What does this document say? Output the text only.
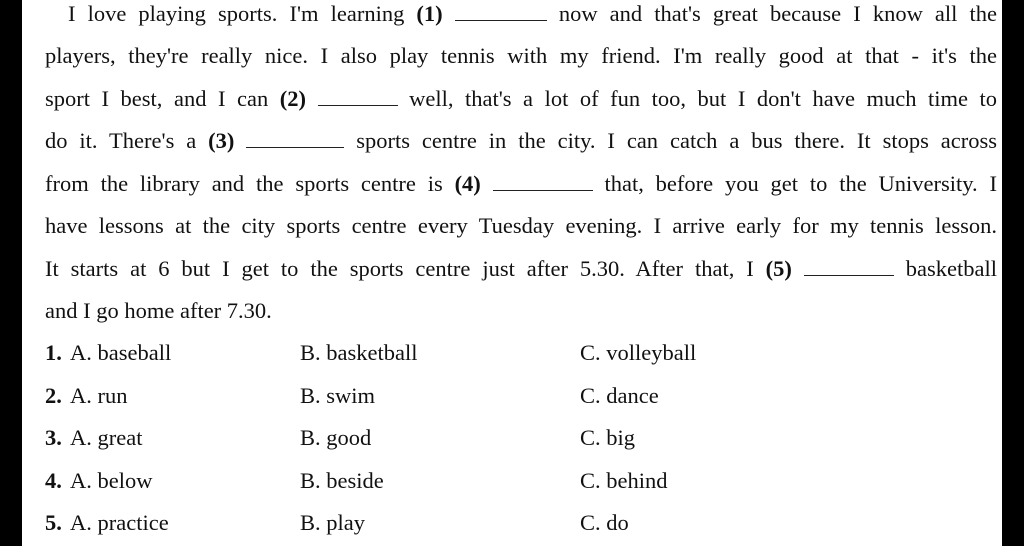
I love playing sports. I'm learning (1)	now and that's great because I know all the
players, they're really nice. I also play tennis with my friend. I'm really good at that - it's the
sport I best, and I can (2)	well, that's a lot of fun too, but I don't have much time to
do it. There's a (3)	sports centre in the city. I can catch a bus there. It stops across
from the library and the sports centre is (4)	that, before you get to the University. I
have lessons at the city sports centre every Tuesday evening. I arrive early for my tennis lesson.
It starts at 6 but I get to the sports centre just after 5.30. After that, I (5)	basketball
and I go home after 7.30.
1. A. baseball	B. basketball	C. volleyball
2. A. run	B. swim	C. dance
3. A. great	B. good	C. big
4. A. below	B. beside	C. behind
5. A. practice	B. play	C. do
